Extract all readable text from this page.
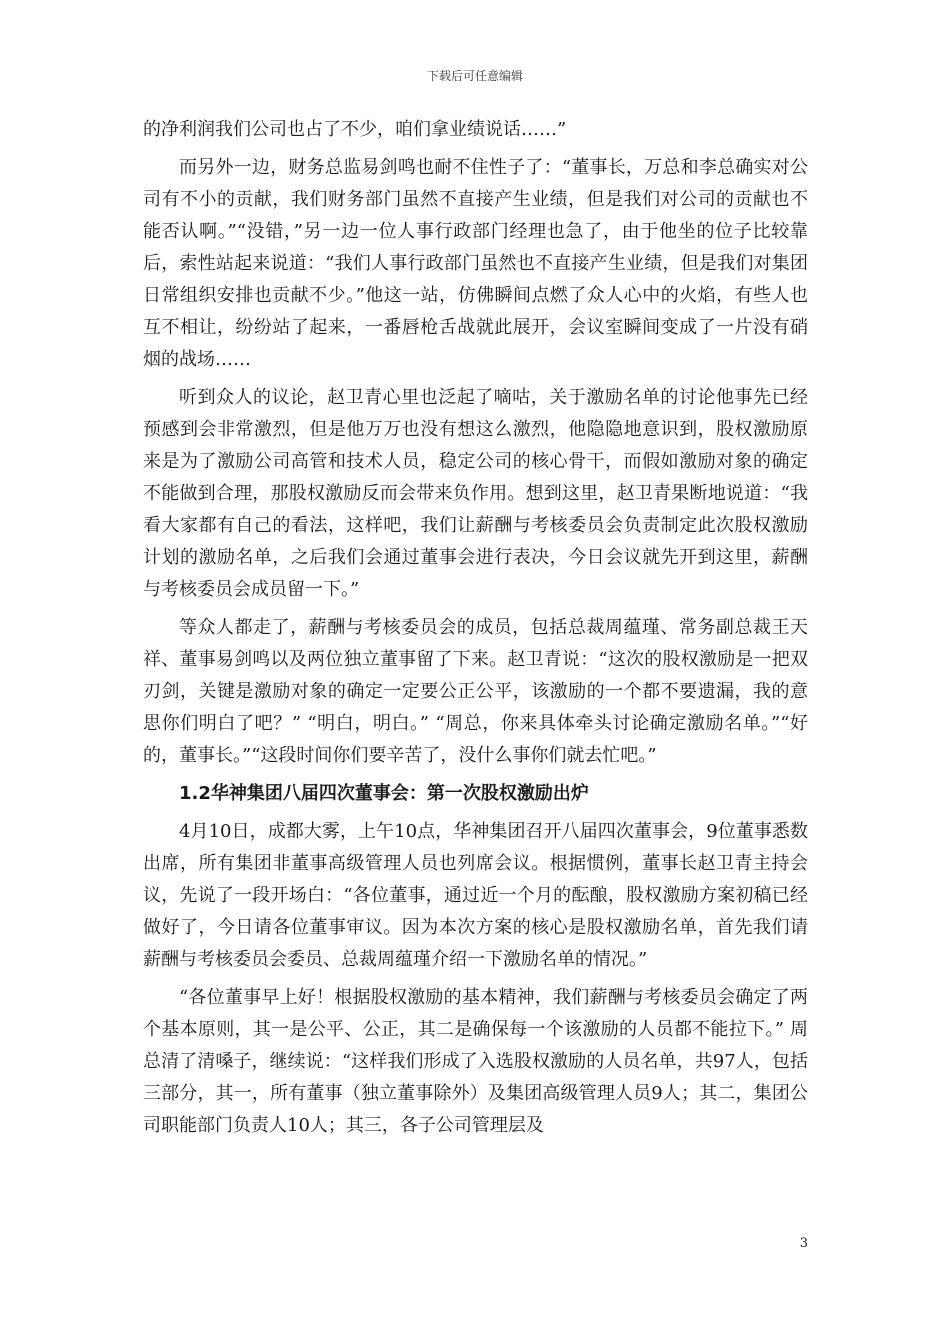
下载后可任意编辑

的净利润我们公司也占了不少，咱们拿业绩说话……”

而另外一边，财务总监易剑鸣也耐不住性子了：“董事长，万总和李总确实对公司有不小的贡献，我们财务部门虽然不直接产生业绩，但是我们对公司的贡献也不能否认啊。”“没错，”另一边一位人事行政部门经理也急了，由于他坐的位子比较靠后，索性站起来说道：“我们人事行政部门虽然也不直接产生业绩，但是我们对集团日常组织安排也贡献不少。”他这一站，仿佛瞬间点燃了众人心中的火焰，有些人也互不相让，纷纷站了起来，一番唇枪舌战就此展开，会议室瞬间变成了一片没有硝烟的战场……

听到众人的议论，赵卫青心里也泛起了嘀咕，关于激励名单的讨论他事先已经预感到会非常激烈，但是他万万也没有想这么激烈，他隐隐地意识到，股权激励原来是为了激励公司高管和技术人员，稳定公司的核心骨干，而假如激励对象的确定不能做到合理，那股权激励反而会带来负作用。想到这里，赵卫青果断地说道：“我看大家都有自己的看法，这样吧，我们让薪酬与考核委员会负责制定此次股权激励计划的激励名单，之后我们会通过董事会进行表决，今日会议就先开到这里，薪酬与考核委员会成员留一下。”

等众人都走了，薪酬与考核委员会的成员，包括总裁周蕴瑾、常务副总裁王天祥、董事易剑鸣以及两位独立董事留了下来。赵卫青说：“这次的股权激励是一把双刃剑，关键是激励对象的确定一定要公正公平，该激励的一个都不要遗漏，我的意思你们明白了吧？” “明白，明白。” “周总，你来具体牵头讨论确定激励名单。”“好的，董事长。”“这段时间你们要辛苦了，没什么事你们就去忙吧。”

1.2华神集团八届四次董事会：第一次股权激励出炉

4月10日，成都大雾，上午10点，华神集团召开八届四次董事会，9位董事悉数出席，所有集团非董事高级管理人员也列席会议。根据惯例，董事长赵卫青主持会议，先说了一段开场白：“各位董事，通过近一个月的酝酿，股权激励方案初稿已经做好了，今日请各位董事审议。因为本次方案的核心是股权激励名单，首先我们请薪酬与考核委员会委员、总裁周蕴瑾介绍一下激励名单的情况。”

“各位董事早上好！根据股权激励的基本精神，我们薪酬与考核委员会确定了两个基本原则，其一是公平、公正，其二是确保每一个该激励的人员都不能拉下。” 周总清了清嗓子，继续说：“这样我们形成了入选股权激励的人员名单，共97人，包括三部分，其一，所有董事（独立董事除外）及集团高级管理人员9人；其二，集团公司职能部门负责人10人；其三，各子公司管理层及

3
